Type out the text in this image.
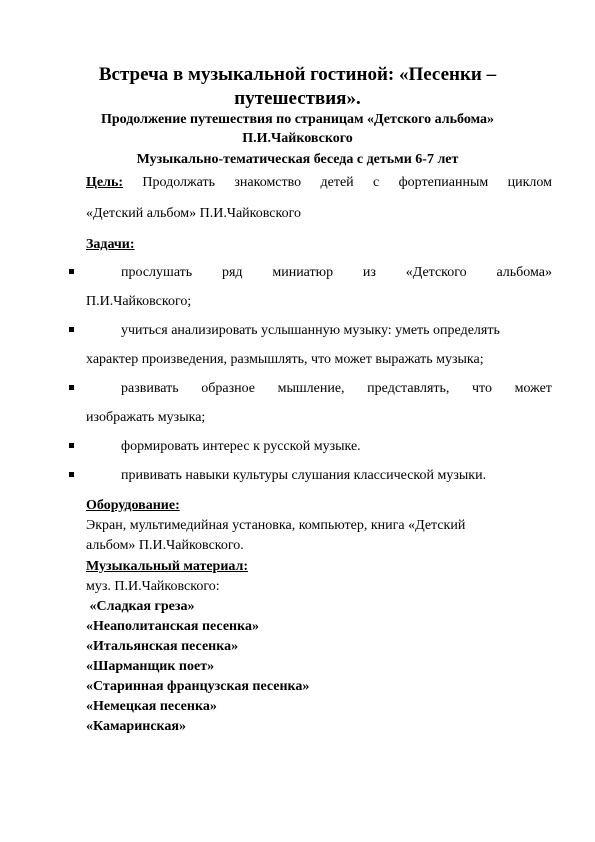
Встреча в музыкальной гостиной: «Песенки –
путешествия».
Продолжение путешествия по страницам «Детского альбома»
П.И.Чайковского
Музыкально-тематическая беседа с детьми 6-7 лет
Цель: Продолжать знакомство детей с фортепианным циклом
«Детский альбом» П.И.Чайковского
Задачи:
прослушать ряд миниатюр из «Детского альбома»
П.И.Чайковского;
учиться анализировать услышанную музыку: уметь определять
характер произведения, размышлять, что может выражать музыка;
развивать образное мышление, представлять, что может
изображать музыка;
формировать интерес к русской музыке.
прививать навыки культуры слушания классической музыки.
Оборудование:
Экран, мультимедийная установка, компьютер, книга «Детский
альбом» П.И.Чайковского.
Музыкальный материал:
муз. П.И.Чайковского:
«Сладкая греза»
«Неаполитанская песенка»
«Итальянская песенка»
«Шарманщик поет»
«Старинная французская песенка»
«Немецкая песенка»
«Камаринская»
